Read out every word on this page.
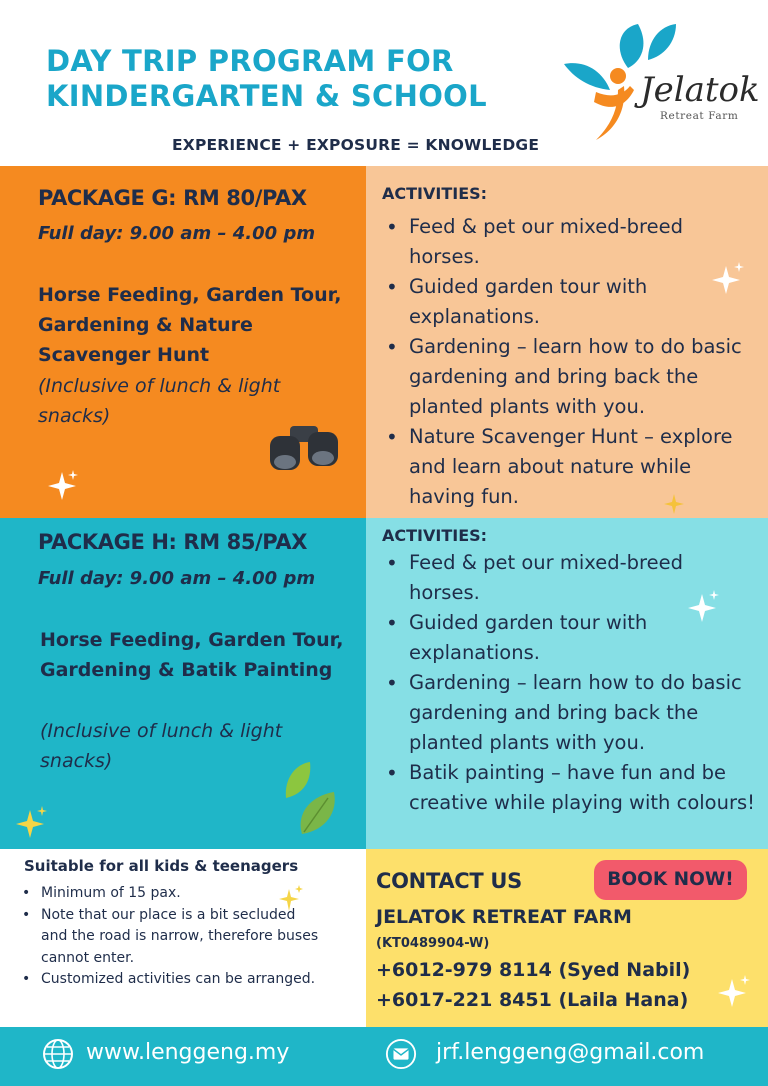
DAY TRIP PROGRAM FOR
KINDERGARTEN & SCHOOL
EXPERIENCE + EXPOSURE = KNOWLEDGE
Jelatok
Retreat Farm
PACKAGE G: RM 80/PAX
Full day: 9.00 am – 4.00 pm
Horse Feeding, Garden Tour, Gardening & Nature Scavenger Hunt
(Inclusive of lunch & light snacks)
ACTIVITIES:
• Feed & pet our mixed-breed horses.
• Guided garden tour with explanations.
• Gardening – learn how to do basic gardening and bring back the planted plants with you.
• Nature Scavenger Hunt – explore and learn about nature while having fun.
PACKAGE H: RM 85/PAX
Full day: 9.00 am – 4.00 pm
Horse Feeding, Garden Tour, Gardening & Batik Painting
(Inclusive of lunch & light snacks)
ACTIVITIES:
• Feed & pet our mixed-breed horses.
• Guided garden tour with explanations.
• Gardening – learn how to do basic gardening and bring back the planted plants with you.
• Batik painting – have fun and be creative while playing with colours!
Suitable for all kids & teenagers
• Minimum of 15 pax.
• Note that our place is a bit secluded and the road is narrow, therefore buses cannot enter.
• Customized activities can be arranged.
CONTACT US	BOOK NOW!
JELATOK RETREAT FARM
(KT0489904-W)
+6012-979 8114 (Syed Nabil)
+6017-221 8451 (Laila Hana)
www.lenggeng.my	jrf.lenggeng@gmail.com
